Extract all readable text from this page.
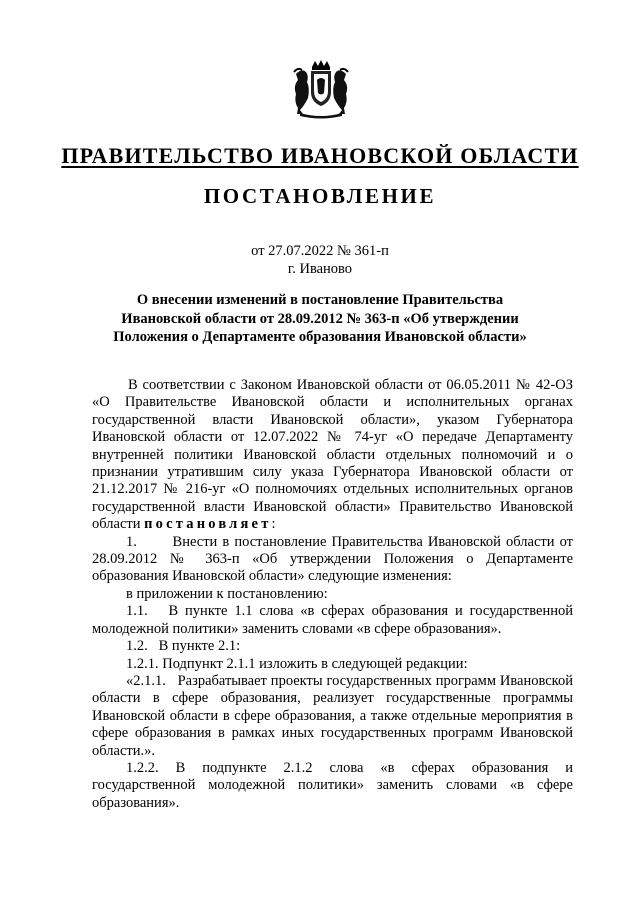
ПРАВИТЕЛЬСТВО ИВАНОВСКОЙ ОБЛАСТИ
ПОСТАНОВЛЕНИЕ
от 27.07.2022 № 361-п
г. Иваново
О внесении изменений в постановление Правительства
Ивановской области от 28.09.2012 № 363-п «Об утверждении
Положения о Департаменте образования Ивановской области»

В соответствии с Законом Ивановской области от 06.05.2011 № 42-ОЗ «О Правительстве Ивановской области и исполнительных органах государственной власти Ивановской области», указом Губернатора Ивановской области от 12.07.2022 № 74-уг «О передаче Департаменту внутренней политики Ивановской области отдельных полномочий и о признании утратившим силу указа Губернатора Ивановской области от 21.12.2017 № 216-уг «О полномочиях отдельных исполнительных органов государственной власти Ивановской области» Правительство Ивановской области постановляет:

1.       Внести в постановление Правительства Ивановской области от 28.09.2012 № 363-п «Об утверждении Положения о Департаменте образования Ивановской области» следующие изменения:

в приложении к постановлению:

1.1.   В пункте 1.1 слова «в сферах образования и государственной молодежной политики» заменить словами «в сфере образования».

1.2.   В пункте 2.1:

1.2.1. Подпункт 2.1.1 изложить в следующей редакции:

«2.1.1.   Разрабатывает проекты государственных программ Ивановской области в сфере образования, реализует государственные программы Ивановской области в сфере образования, а также отдельные мероприятия в сфере образования в рамках иных государственных программ Ивановской области.».

1.2.2. В подпункте 2.1.2 слова «в сферах образования и государственной молодежной политики» заменить словами «в сфере образования».
